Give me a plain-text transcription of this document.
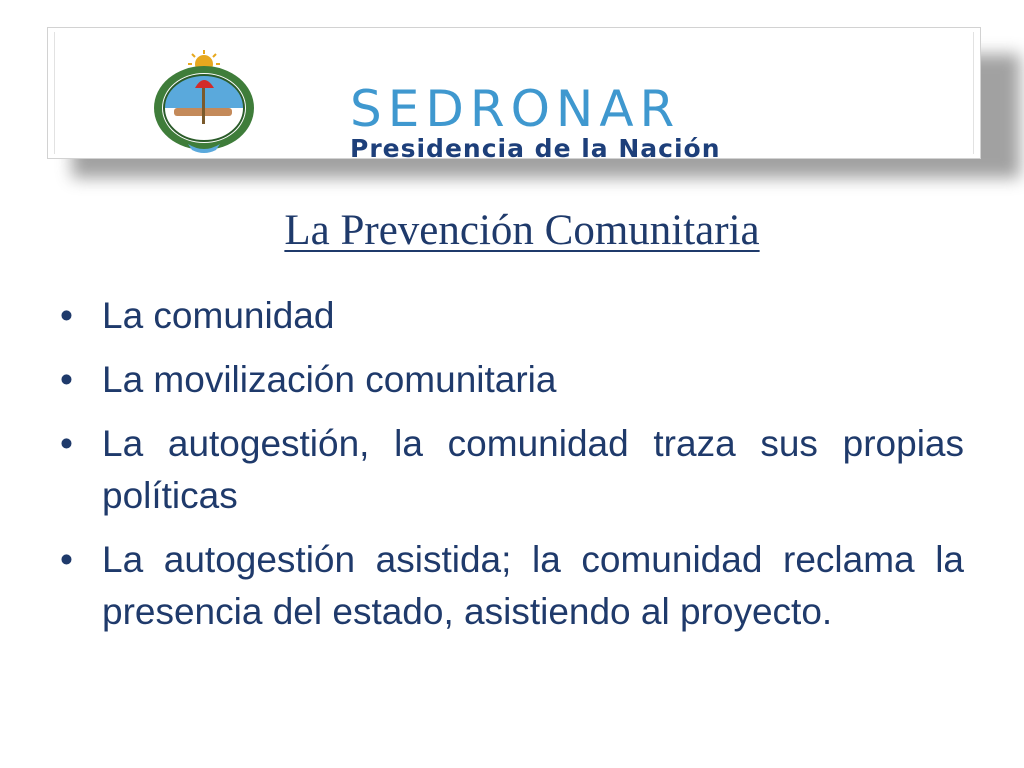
SEDRONAR
Presidencia de la Nación
La Prevención Comunitaria
• La comunidad
• La movilización comunitaria
• La autogestión, la comunidad traza sus propias políticas
• La autogestión asistida; la comunidad reclama la presencia del estado, asistiendo al proyecto.
